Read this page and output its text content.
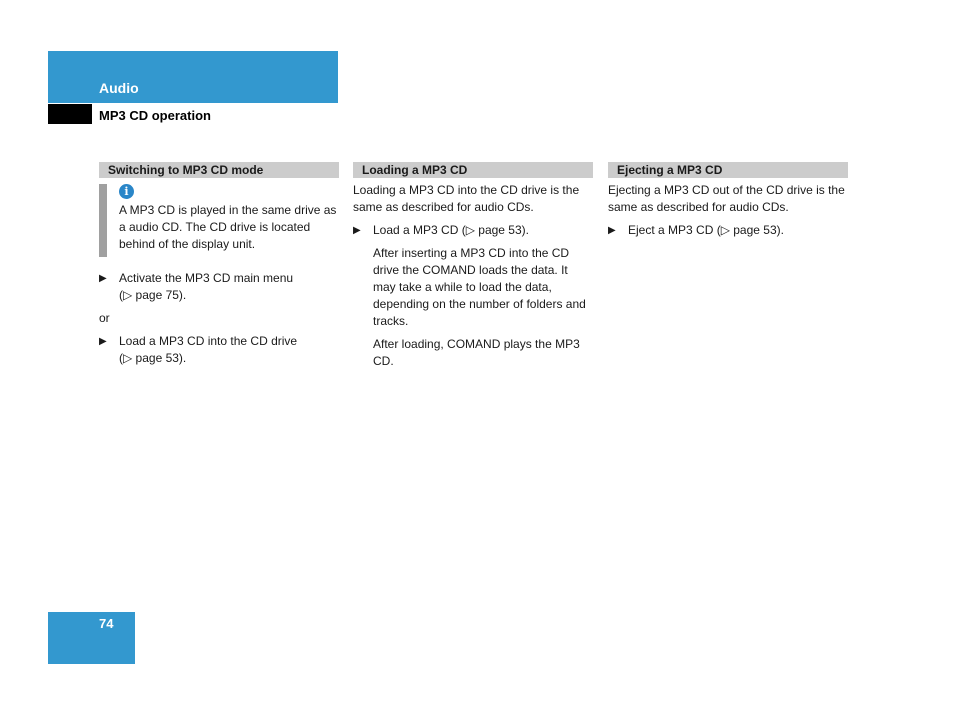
Audio
MP3 CD operation
Switching to MP3 CD mode
i

A MP3 CD is played in the same drive as a audio CD. The CD drive is located behind of the display unit.

▶ Activate the MP3 CD main menu
(▷ page 75).

or

▶ Load a MP3 CD into the CD drive
(▷ page 53).
Loading a MP3 CD

Loading a MP3 CD into the CD drive is the same as described for audio CDs.

▶ Load a MP3 CD (▷ page 53).

After inserting a MP3 CD into the CD drive the COMAND loads the data. It may take a while to load the data, depending on the number of folders and tracks.

After loading, COMAND plays the MP3 CD.

Ejecting a MP3 CD

Ejecting a MP3 CD out of the CD drive is the same as described for audio CDs.

▶ Eject a MP3 CD (▷ page 53).
74
